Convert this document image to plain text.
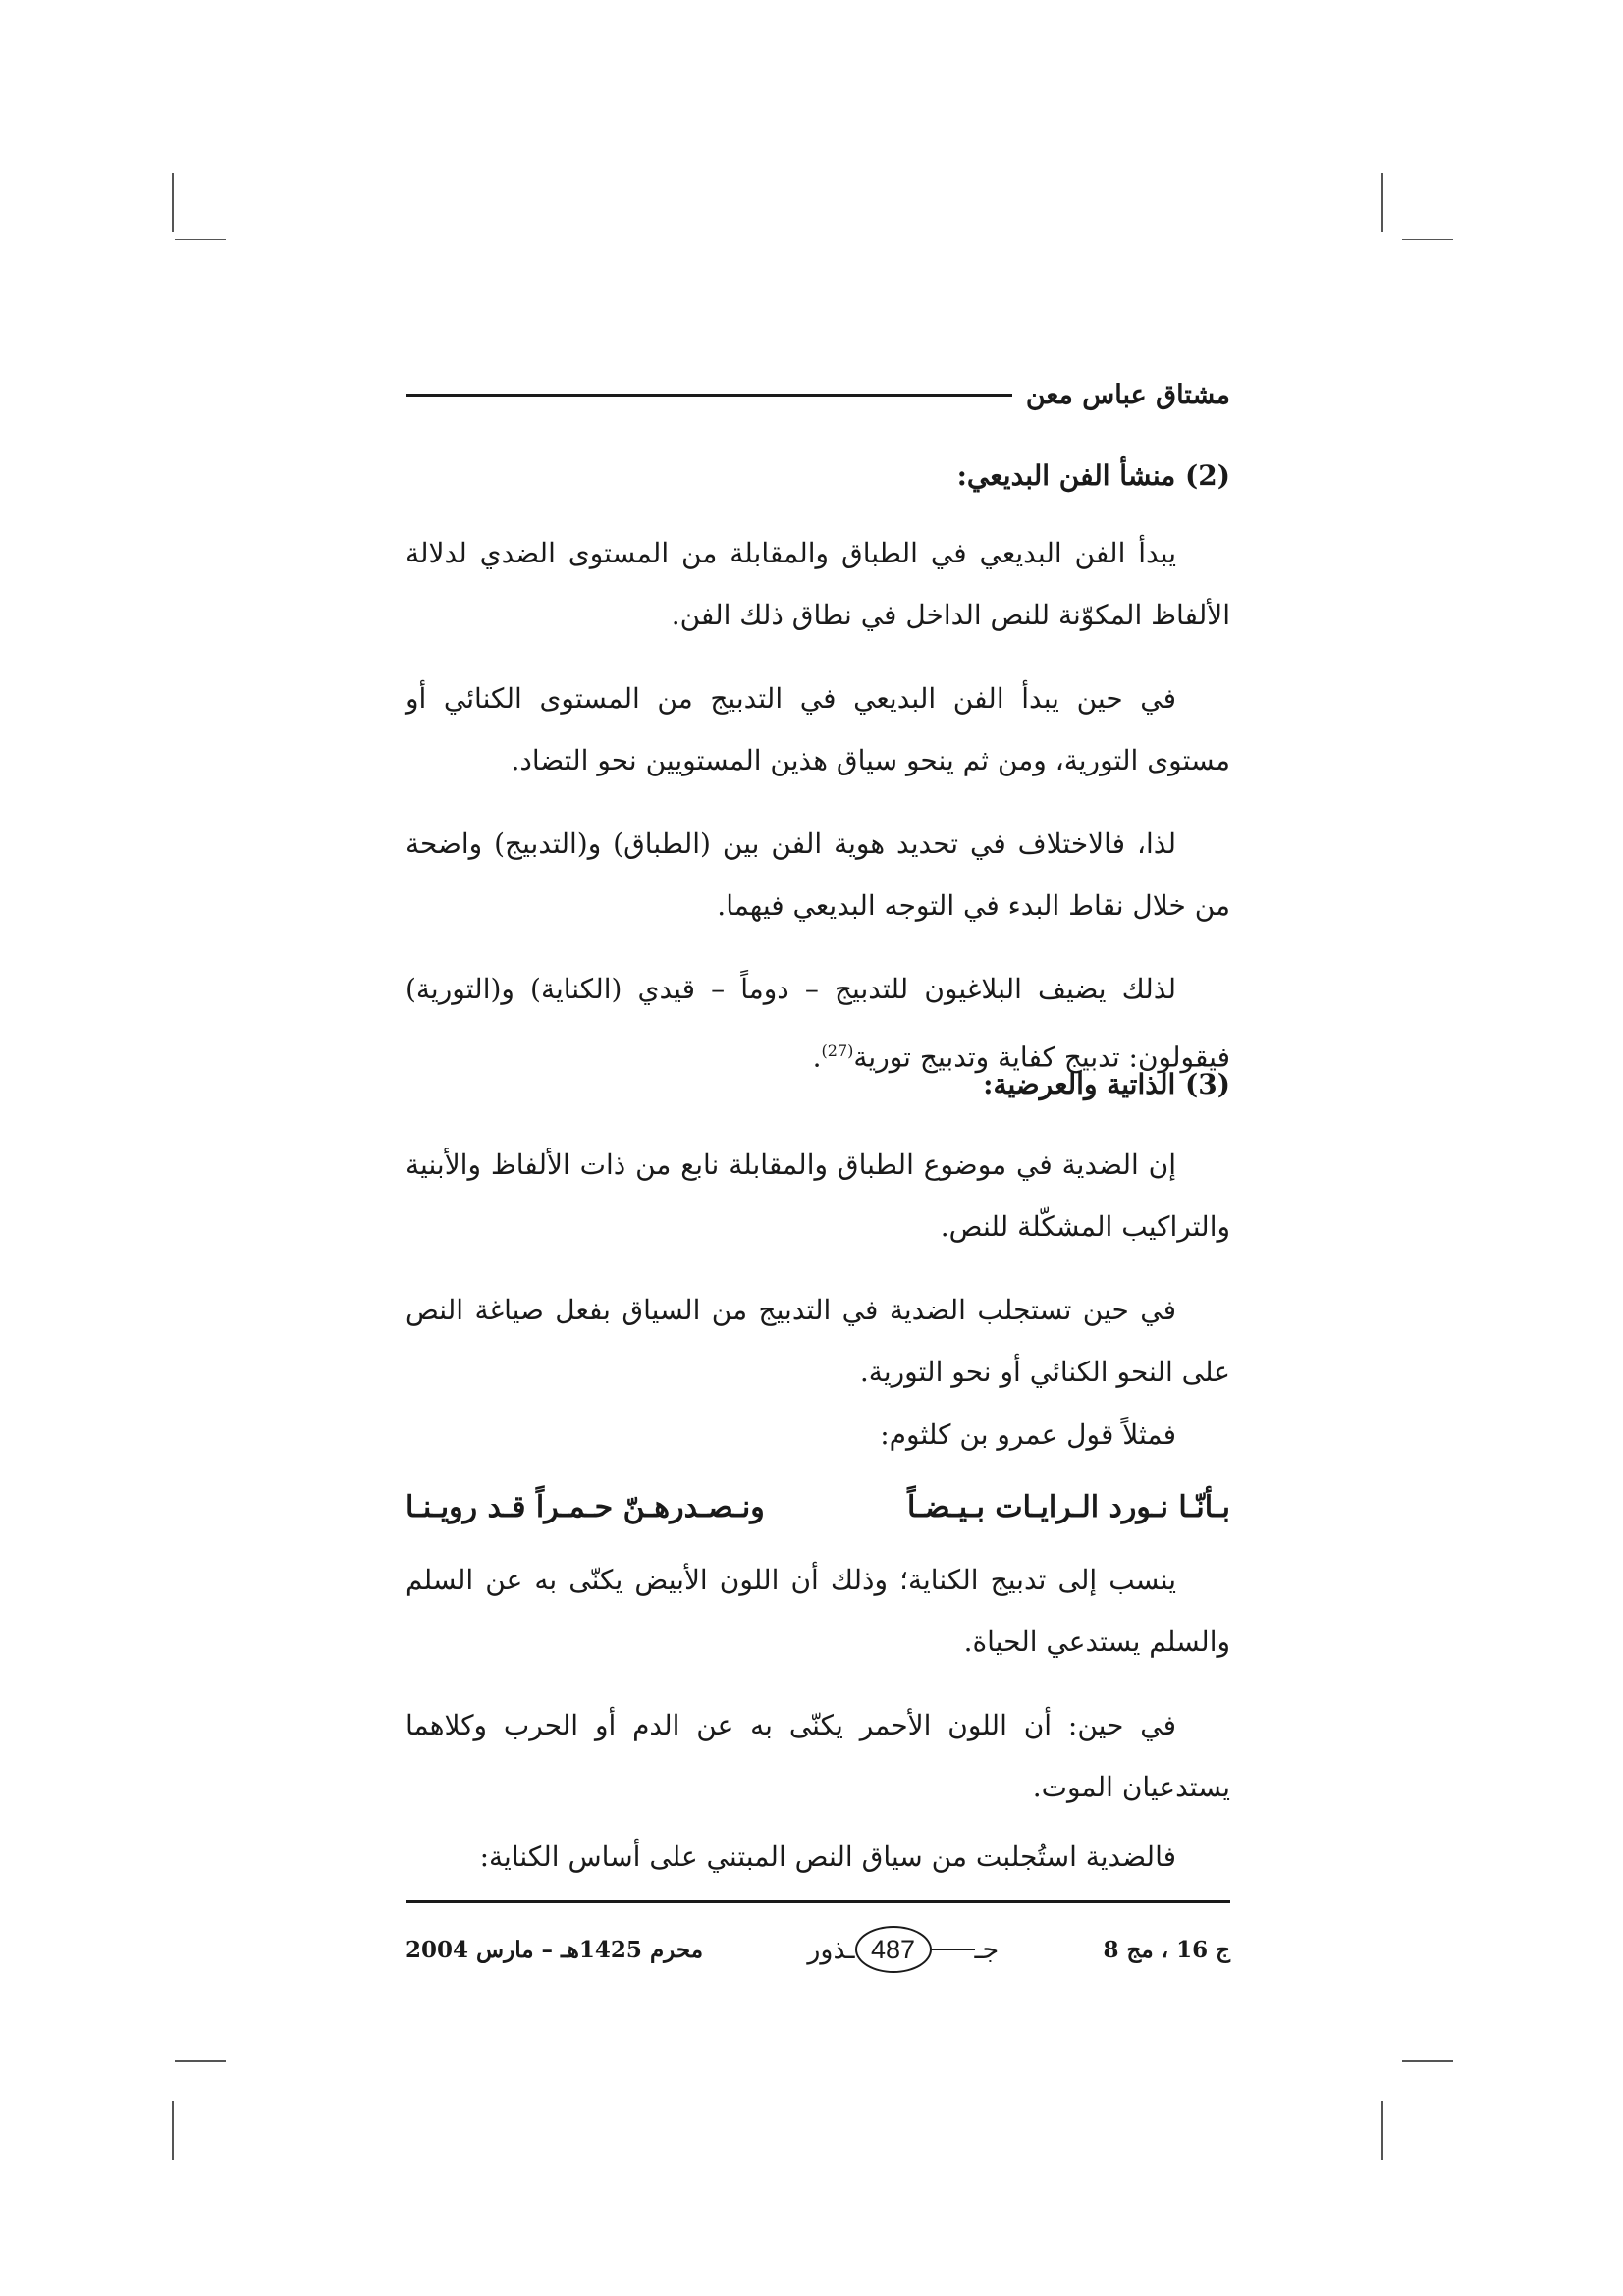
مشتاق عباس معن
(2) منشأ الفن البديعي:

يبدأ الفن البديعي في الطباق والمقابلة من المستوى الضدي لدلالة الألفاظ المكوّنة للنص الداخل في نطاق ذلك الفن.

في حين يبدأ الفن البديعي في التدبيج من المستوى الكنائي أو مستوى التورية، ومن ثم ينحو سياق هذين المستويين نحو التضاد.

لذا، فالاختلاف في تحديد هوية الفن بين (الطباق) و(التدبيج) واضحة من خلال نقاط البدء في التوجه البديعي فيهما.

لذلك يضيف البلاغيون للتدبيج – دوماً – قيدي (الكناية) و(التورية) فيقولون: تدبيج كفاية وتدبيج تورية$^{(27)}$.

(3) الذاتية والعرضية:

إن الضدية في موضوع الطباق والمقابلة نابع من ذات الألفاظ والأبنية والتراكيب المشكّلة للنص.

في حين تستجلب الضدية في التدبيج من السياق بفعل صياغة النص على النحو الكنائي أو نحو التورية.

فمثلاً قول عمرو بن كلثوم:
بـأنّـا نـورد الـرايـات بـيـضـاً
ونـصـدرهـنّ حـمـراً قـد رويـنـا

ينسب إلى تدبيج الكناية؛ وذلك أن اللون الأبيض يكنّى به عن السلم والسلم يستدعي الحياة.

في حين: أن اللون الأحمر يكنّى به عن الدم أو الحرب وكلاهما يستدعيان الموت.

فالضدية استُجلبت من سياق النص المبتني على أساس الكناية:
ج 16 ، مج 8
جـ
487
ـذور
محرم 1425هـ – مارس 2004
